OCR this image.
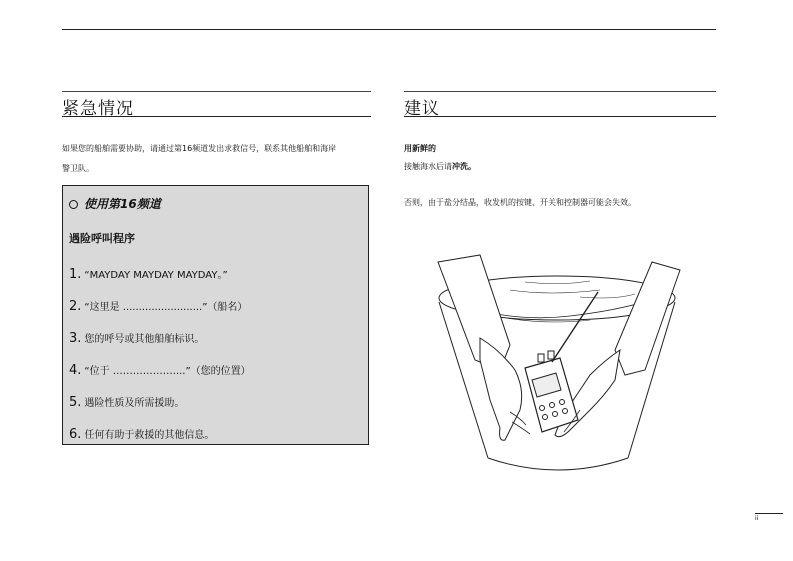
紧急情况
如果您的船舶需要协助，请通过第16频道发出求救信号，联系其他船舶和海岸
警卫队。
使用第16频道
遇险呼叫程序
1. “MAYDAY MAYDAY MAYDAY。”
2. “这里是 .........................”（船名）
3. 您的呼号或其他船舶标识。
4. “位于 ………………....”（您的位置）
5. 遇险性质及所需援助。
6. 任何有助于救援的其他信息。
建议
用新鲜的
接触海水后请冲洗。
否则，由于盐分结晶，收发机的按键、开关和控制器可能会失效。
ii
